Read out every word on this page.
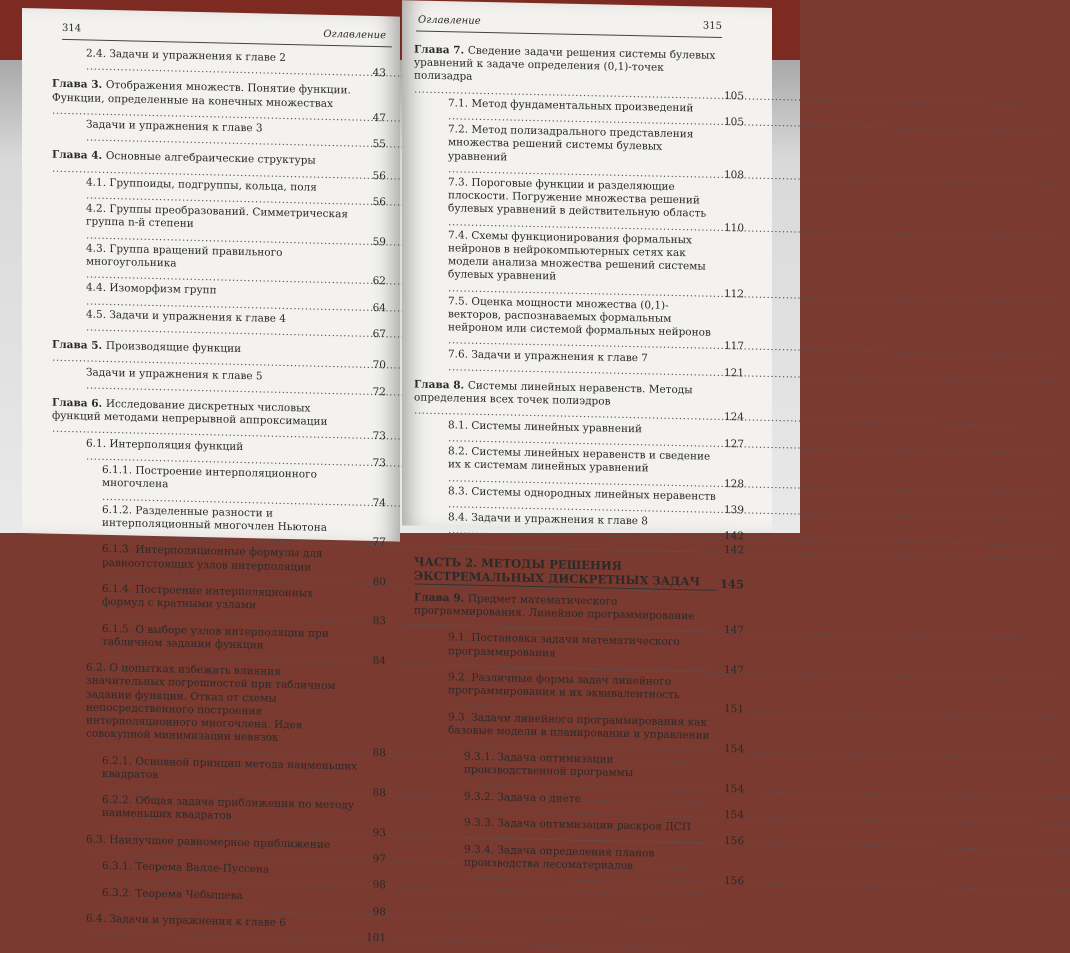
314
Оглавление
2.4. Задачи и упражнения к главе 2 .....
43
Глава 3. Отображения множеств. Понятие функции. Функции, определенные на конечных множествах .....
47
Задачи и упражнения к главе 3 .....
55
Глава 4. Основные алгебраические структуры .....
56
4.1. Группоиды, подгруппы, кольца, поля .....
56
4.2. Группы преобразований. Симметрическая группа n-й степени .....
59
4.3. Группа вращений правильного многоугольника .....
62
4.4. Изоморфизм групп .....
64
4.5. Задачи и упражнения к главе 4 .....
67
Глава 5. Производящие функции .....
70
Задачи и упражнения к главе 5 .....
72
Глава 6. Исследование дискретных числовых функций методами непрерывной аппроксимации .....
73
6.1. Интерполяция функций .....
73
6.1.1. Построение интерполяционного многочлена .....
74
6.1.2. Разделенные разности и интерполяционный многочлен Ньютона .....
77
6.1.3. Интерполяционные формулы для равноотстоящих узлов интерполяции .....
80
6.1.4. Построение интерполяционных формул с кратными узлами .....
83
6.1.5. О выборе узлов интерполяции при табличном задании функции .....
84
6.2. О попытках избежать влияния значительных погрешностей при табличном задании функции. Отказ от схемы непосредственного построения интерполяционного многочлена. Идея совокупной минимизации невязок .....
88
6.2.1. Основной принцип метода наименьших квадратов .....
88
6.2.2. Общая задача приближения по методу наименьших квадратов .....
93
6.3. Наилучшее равномерное приближение .....
97
6.3.1. Теорема Валле-Пуссена .....
98
6.3.2. Теорема Чебышева .....
98
6.4. Задачи и упражнения к главе 6 .....
101
Оглавление	315
Глава 7. Сведение задачи решения системы булевых уравнений к задаче определения (0,1)-точек полизадра .....
105
7.1. Метод фундаментальных произведений .....
105
7.2. Метод полизадрального представления множества решений системы булевых уравнений .....
108
7.3. Пороговые функции и разделяющие плоскости. Погружение множества решений булевых уравнений в действительную область .....
110
7.4. Схемы функционирования формальных нейронов в нейрокомпьютерных сетях как модели анализа множества решений системы булевых уравнений .....
112
7.5. Оценка мощности множества (0,1)- векторов, распознаваемых формальным нейроном или системой формальных нейронов .....
117
7.6. Задачи и упражнения к главе 7 .....
121
Глава 8. Системы линейных неравенств. Методы определения всех точек полиэдров .....
124
8.1. Системы линейных уравнений .....
127
8.2. Системы линейных неравенств и сведение их к системам линейных уравнений .....
128
8.3. Системы однородных линейных неравенств .....
139
8.4. Задачи и упражнения к главе 8 .....
142
.....
142
ЧАСТЬ 2. МЕТОДЫ РЕШЕНИЯ ЭКСТРЕМАЛЬНЫХ ДИСКРЕТНЫХ ЗАДАЧ 145
Глава 9. Предмет математического программирования. Линейное программирование .....
147
9.1. Постановка задачи математического программирования .....
147
9.2. Различные формы задач линейного программирования и их эквивалентность .....
151
9.3. Задачи линейного программирования как базовые модели в планировании и управлении .....
154
9.3.1. Задача оптимизации производственной программы .....
154
9.3.2. Задача о диете .....
154
9.3.3. Задача оптимизации раскроя ДСП .....
156
9.3.4. Задача определения планов производства лесоматериалов .....
156
